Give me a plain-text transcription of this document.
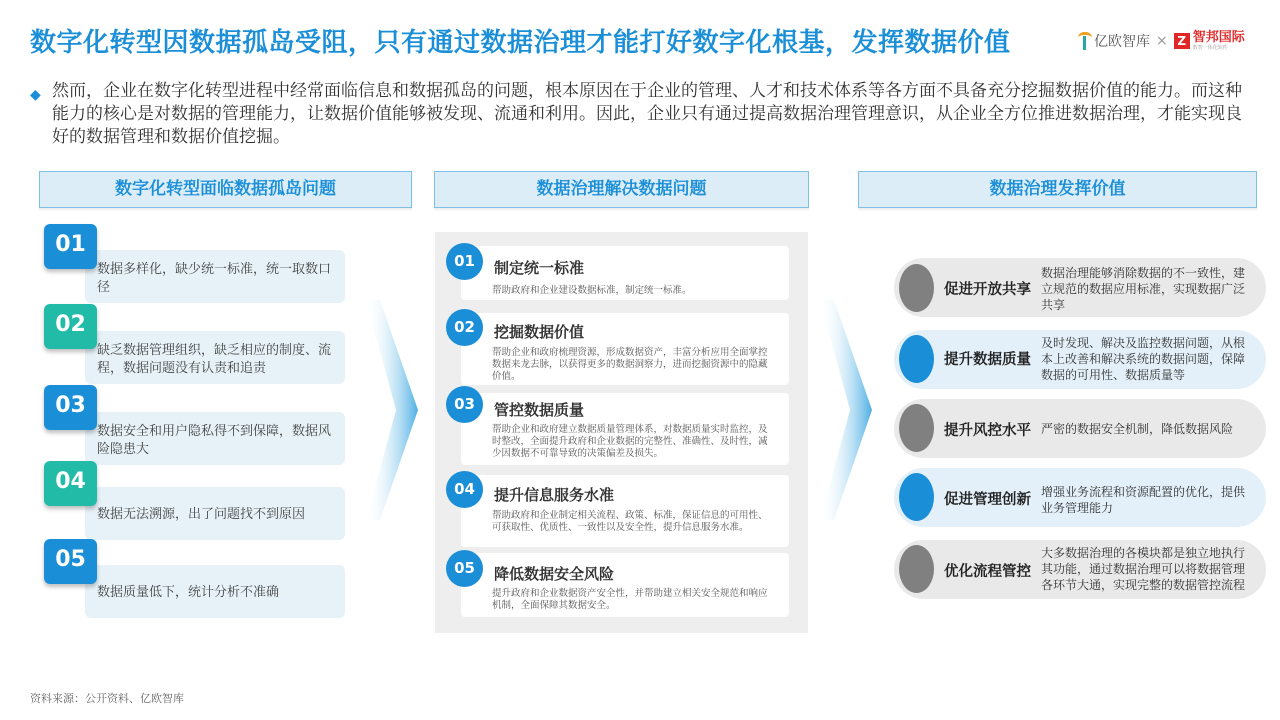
数字化转型因数据孤岛受阻，只有通过数据治理才能打好数字化根基，发挥数据价值	亿欧智库 × Z 智邦国际
数智一体化软件
◆ 然而，企业在数字化转型进程中经常面临信息和数据孤岛的问题，根本原因在于企业的管理、人才和技术体系等各方面不具备充分挖掘数据价值的能力。而这种能力的核心是对数据的管理能力，让数据价值能够被发现、流通和利用。因此，企业只有通过提高数据治理管理意识，从企业全方位推进数据治理，才能实现良好的数据管理和数据价值挖掘。
数字化转型面临数据孤岛问题	数据治理解决数据问题	数据治理发挥价值
01
02
03
04
05
数据多样化，缺少统一标准，统一取数口径
缺乏数据管理组织，缺乏相应的制度、流程，数据问题没有认责和追责
数据安全和用户隐私得不到保障，数据风险隐患大
数据无法溯源，出了问题找不到原因
数据质量低下，统计分析不准确
01
02
03
04
05
制定统一标准
挖掘数据价值
管控数据质量
提升信息服务水准
降低数据安全风险
帮助政府和企业建设数据标准，制定统一标准。
帮助企业和政府梳理资源，形成数据资产，丰富分析应用全面掌控数据来龙去脉，以获得更多的数据洞察力，进而挖掘资源中的隐藏价值。
帮助企业和政府建立数据质量管理体系，对数据质量实时监控，及时整改，全面提升政府和企业数据的完整性、准确性、及时性，减少因数据不可靠导致的决策偏差及损失。
帮助政府和企业制定相关流程、政策、标准，保证信息的可用性、可获取性、优质性、一致性以及安全性，提升信息服务水准。
提升政府和企业数据资产安全性，并帮助建立相关安全规范和响应机制，全面保障其数据安全。
促进开放共享
提升数据质量
提升风控水平
促进管理创新
优化流程管控
数据治理能够消除数据的不一致性，建立规范的数据应用标准，实现数据广泛共享
及时发现、解决及监控数据问题，从根本上改善和解决系统的数据问题，保障数据的可用性、数据质量等
严密的数据安全机制，降低数据风险
增强业务流程和资源配置的优化，提供业务管理能力
大多数据治理的各模块都是独立地执行其功能，通过数据治理可以将数据管理各环节大通，实现完整的数据管控流程
资料来源：公开资料、亿欧智库
